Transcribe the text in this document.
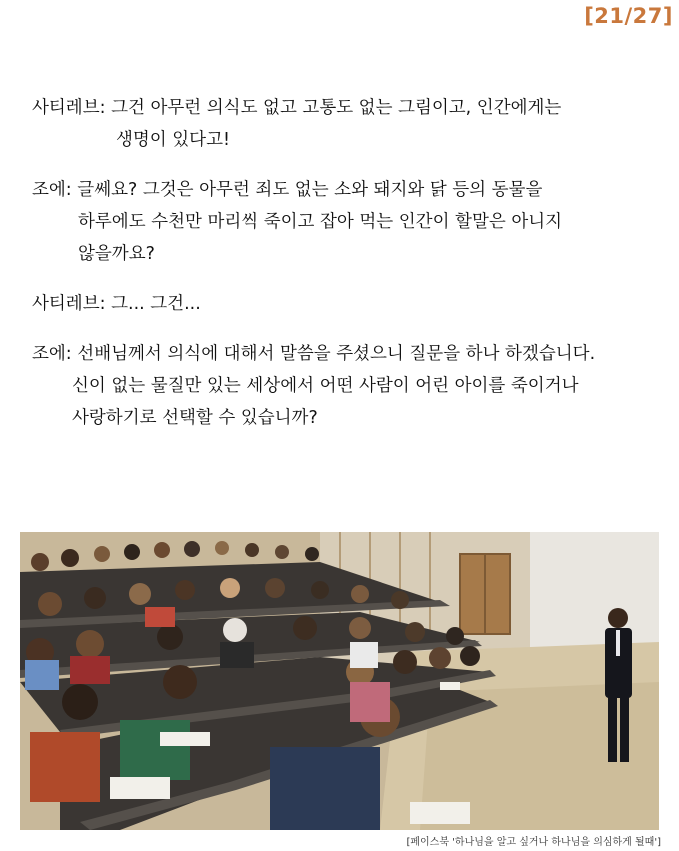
[21/27]
사티레브: 그건 아무런 의식도 없고 고통도 없는 그림이고, 인간에게는
생명이 있다고!
조에: 글쎄요? 그것은 아무런 죄도 없는 소와 돼지와 닭 등의 동물을
하루에도 수천만 마리씩 죽이고 잡아 먹는 인간이 할말은 아니지
않을까요?
사티레브: 그... 그건...
조에: 선배님께서 의식에 대해서 말씀을 주셨으니 질문을 하나 하겠습니다.
신이 없는 물질만 있는 세상에서 어떤 사람이 어린 아이를 죽이거나
사랑하기로 선택할 수 있습니까?
[페이스북 '하나님을 알고 싶거나 하나님을 의심하게 될때']
